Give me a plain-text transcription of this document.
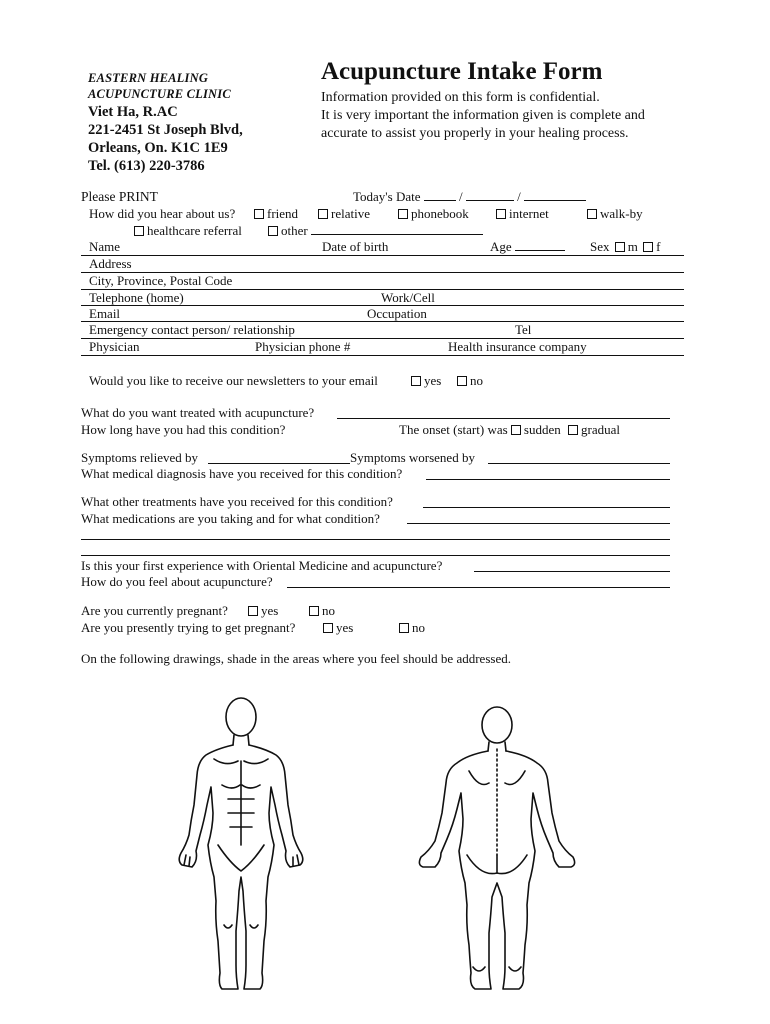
EASTERN HEALING
ACUPUNCTURE CLINIC
Viet Ha, R.AC
221-2451 St Joseph Blvd,
Orleans, On. K1C 1E9
Tel. (613) 220-3786
Acupuncture Intake Form
Information provided on this form is confidential.
It is very important the information given is complete and
accurate to assist you properly in your healing process.
Please PRINT	Today's Date	/	/
How did you hear about us?	friend	relative	phonebook	internet	walk-by
healthcare referral	other
Name	Date of birth	Age	Sex m f
Address
City, Province, Postal Code
Telephone (home)	Work/Cell
Email	Occupation
Emergency contact person/ relationship	Tel
Physician	Physician phone #	Health insurance company
Would you like to receive our newsletters to your email	yes	no
What do you want treated with acupuncture?
How long have you had this condition?	The onset (start) was sudden gradual
Symptoms relieved by	Symptoms worsened by
What medical diagnosis have you received for this condition?
What other treatments have you received for this condition?
What medications are you taking and for what condition?
Is this your first experience with Oriental Medicine and acupuncture?
How do you feel about acupuncture?
Are you currently pregnant?	yes	no
Are you presently trying to get pregnant?	yes	no
On the following drawings, shade in the areas where you feel should be addressed.
